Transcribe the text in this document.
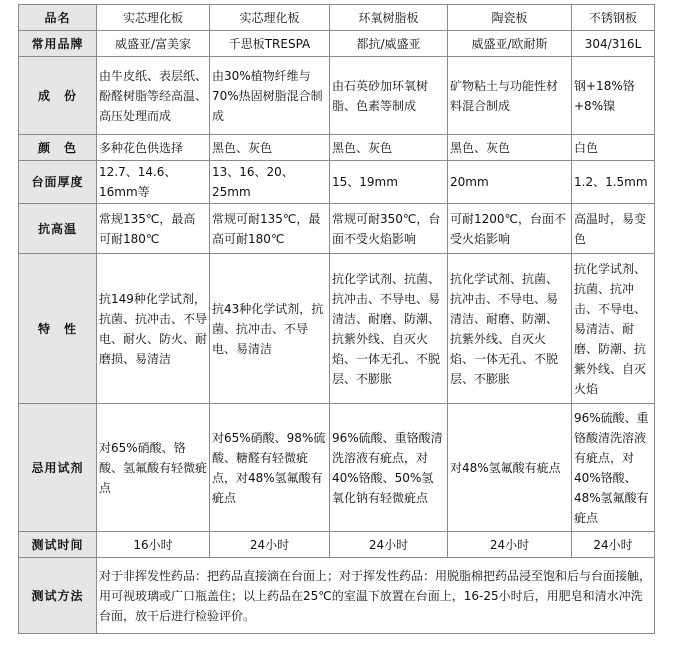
品名	实芯理化板	实芯理化板	环氧树脂板	陶瓷板	不锈钢板
常用品牌	威盛亚/富美家	千思板TRESPA	都抗/威盛亚	威盛亚/欧耐斯	304/316L
成　份	由牛皮纸、表层纸、酚醛树脂等经高温、高压处理而成	由30%植物纤维与70%热固树脂混合制成	由石英砂加环氧树脂、色素等制成	矿物粘土与功能性材料混合制成	钢+18%铬+8%镍
颜　色	多种花色供选择	黑色、灰色	黑色、灰色	黑色、灰色	白色
台面厚度	12.7、14.6、16mm等	13、16、20、25mm	15、19mm	20mm	1.2、1.5mm
抗高温	常规135℃，最高可耐180℃	常规可耐135℃，最高可耐180℃	常规可耐350℃，台面不受火焰影响	可耐1200℃，台面不受火焰影响	高温时，易变色
特　性	抗149种化学试剂，抗菌、抗冲击、不导电、耐火、防火、耐磨损、易清洁	抗43种化学试剂，抗菌、抗冲击、不导电、易清洁	抗化学试剂、抗菌、抗冲击、不导电、易清洁、耐磨、防潮、抗紫外线、自灭火焰、一体无孔、不脱层、不膨胀	抗化学试剂、抗菌、抗冲击、不导电、易清洁、耐磨、防潮、抗紫外线、自灭火焰、一体无孔、不脱层、不膨胀	抗化学试剂、抗菌、抗冲击、不导电、易清洁、耐磨、防潮、抗紫外线、自灭火焰
忌用试剂	对65%硝酸、铬酸、氢氟酸有轻微疵点	对65%硝酸、98%硫酸、糖醛有轻微疵点，对48%氢氟酸有疵点	96%硫酸、重铬酸清洗溶液有疵点，对40%铬酸、50%氢氧化钠有轻微疵点	对48%氢氟酸有疵点	96%硫酸、重铬酸清洗溶液有疵点，对40%铬酸、48%氢氟酸有疵点
测试时间	16小时	24小时	24小时	24小时	24小时
测试方法	对于非挥发性药品：把药品直接滴在台面上；对于挥发性药品：用脱脂棉把药品浸至饱和后与台面接触，用可视玻璃或广口瓶盖住；以上药品在25℃的室温下放置在台面上，16-25小时后，用肥皂和清水冲洗台面，放干后进行检验评价。				
